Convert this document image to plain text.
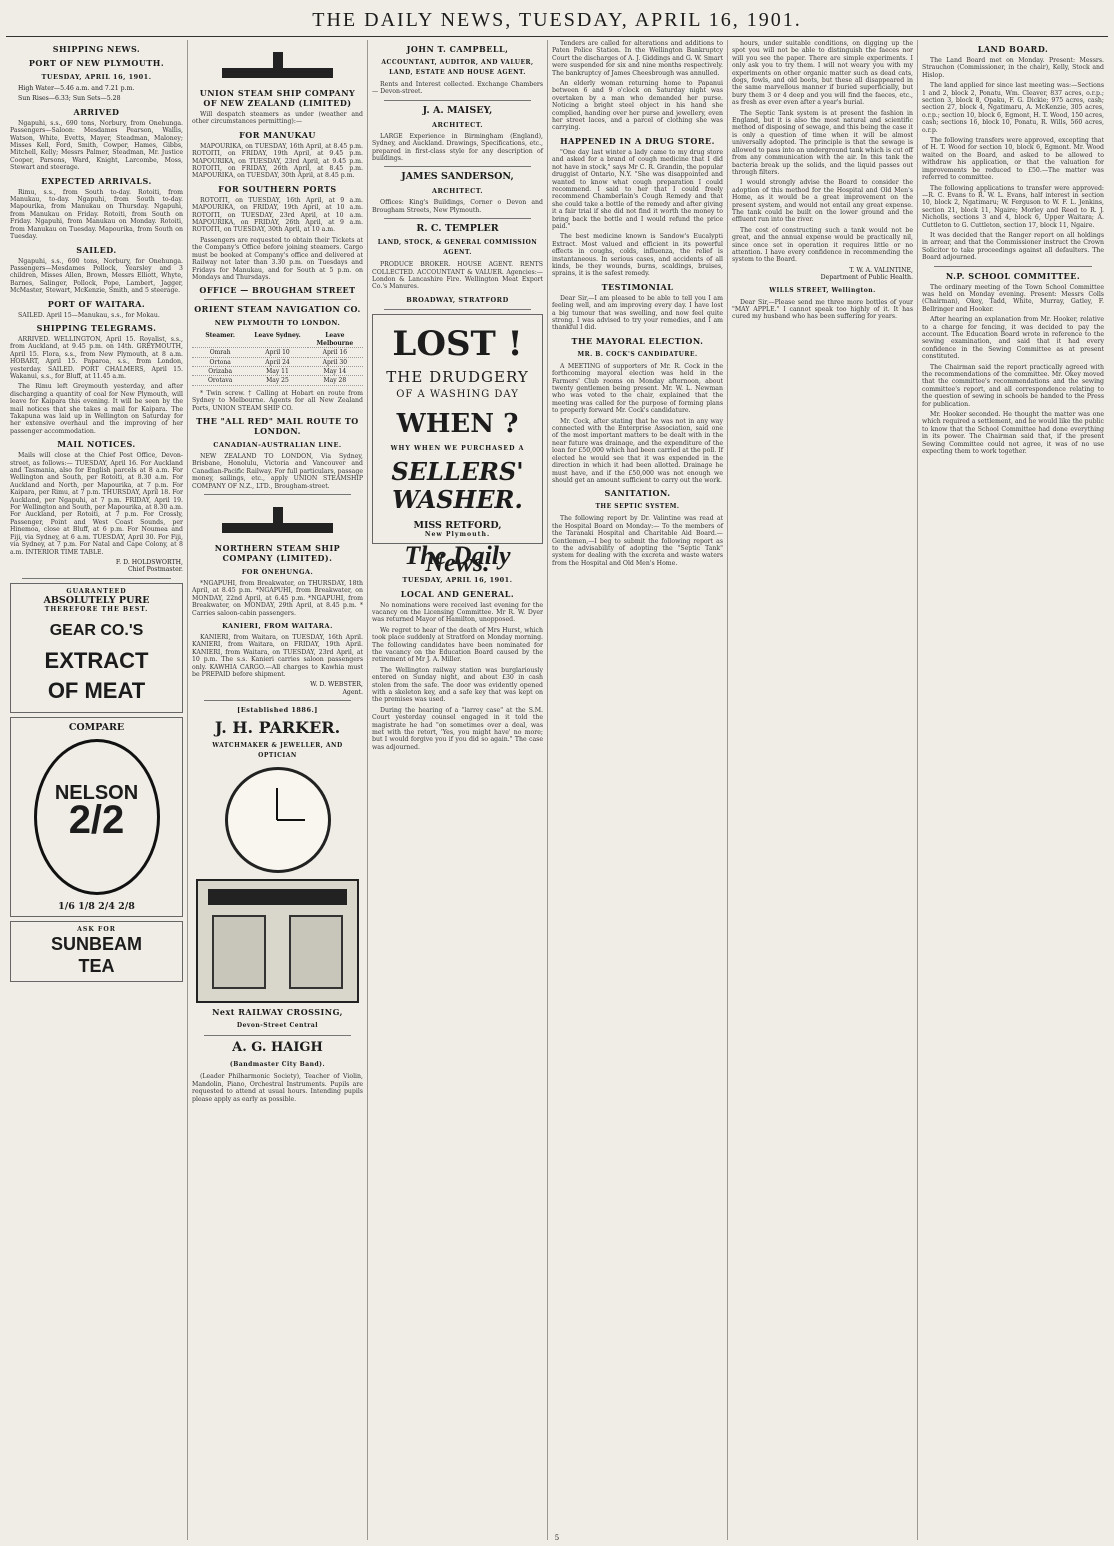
THE DAILY NEWS, TUESDAY, APRIL 16, 1901.
SHIPPING NEWS.
PORT OF NEW PLYMOUTH.
TUESDAY, APRIL 16, 1901.

High Water—5.46 a.m. and 7.21 p.m.

Sun Rises—6.33; Sun Sets—5.28

ARRIVED

Ngapuhi, s.s., 690 tons, Norbury, from Onehunga. Passengers—Saloon: Mesdames Pearson, Wallis, Watson, White, Evetts, Mayer, Steadman, Maloney; Misses Kell, Ford, Smith, Cowper, Hames, Gibbs, Mitchell, Kelly; Messrs Palmer, Steadman, Mr. Justice Cooper, Parsons, Ward, Knight, Larcombe, Moss, Stewart and steerage.

EXPECTED ARRIVALS.

Rimu, s.s., from South to-day. Rotoiti, from Manukau, to-day. Ngapuhi, from South to-day. Mapourika, from Manukau on Thursday. Ngapuhi, from Manukau on Friday. Rotoiti, from South on Friday. Ngapuhi, from Manukau on Monday. Rotoiti, from Manukau on Tuesday. Mapourika, from South on Tuesday.

SAILED.

Ngapuhi, s.s., 690 tons, Norbury, for Onehunga. Passengers—Mesdames Pollock, Yearsley and 3 children, Misses Allen, Brown, Messrs Elliott, Whyte, Barnes, Salinger, Pollock, Pope, Lambert, Jagger, McMaster, Stewart, McKenzie, Smith, and 5 steerage.

PORT OF WAITARA.

SAILED. April 15—Manukau, s.s., for Mokau.

SHIPPING TELEGRAMS.

ARRIVED. WELLINGTON, April 15. Royalist, s.s., from Auckland, at 9.45 p.m. on 14th. GREYMOUTH, April 15. Flora, s.s., from New Plymouth, at 8 a.m. HOBART, April 15. Paparoa, s.s., from London, yesterday. SAILED. PORT CHALMERS, April 15. Wakanui, s.s., for Bluff, at 11.45 a.m.

The Rimu left Greymouth yesterday, and after discharging a quantity of coal for New Plymouth, will leave for Kaipara this evening. It will be seen by the mail notices that she takes a mail for Kaipara. The Takapuna was laid up in Wellington on Saturday for her extensive overhaul and the improving of her passenger accommodation.

MAIL NOTICES.

Mails will close at the Chief Post Office, Devon-street, as follows:— TUESDAY, April 16. For Auckland and Tasmania, also for English parcels at 8 a.m. For Wellington and South, per Rotoiti, at 8.30 a.m. For Auckland and North, per Mapourika, at 7 p.m. For Kaipara, per Rimu, at 7 p.m. THURSDAY, April 18. For Auckland, per Ngapuhi, at 7 p.m. FRIDAY, April 19. For Wellington and South, per Mapourika, at 8.30 a.m. For Auckland, per Rotoiti, at 7 p.m. For Crossly, Passenger, Point and West Coast Sounds, per Hinemoa, close at Bluff, at 6 p.m. For Noumea and Fiji, via Sydney, at 6 a.m. TUESDAY, April 30. For Fiji, via Sydney, at 7 p.m. For Natal and Cape Colony, at 8 a.m. INTERIOR TIME TABLE.

F. D. HOLDSWORTH,
Chief Postmaster.
GUARANTEED
ABSOLUTELY PURE
THEREFORE THE BEST.
GEAR CO.'S
EXTRACT
OF MEAT
COMPARE
NELSON
2/2
1/6 1/8 2/4 2/8
ASK FOR
SUNBEAM
TEA
UNION STEAM SHIP COMPANY OF NEW ZEALAND (LIMITED)

Will despatch steamers as under (weather and other circumstances permitting):—

FOR MANUKAU

MAPOURIKA, on TUESDAY, 16th April, at 8.45 p.m. ROTOITI, on FRIDAY, 19th April, at 9.45 p.m. MAPOURIKA, on TUESDAY, 23rd April, at 9.45 p.m. ROTOITI, on FRIDAY, 26th April, at 8.45 p.m. MAPOURIKA, on TUESDAY, 30th April, at 8.45 p.m.

FOR SOUTHERN PORTS

ROTOITI, on TUESDAY, 16th April, at 9 a.m. MAPOURIKA, on FRIDAY, 19th April, at 10 a.m. ROTOITI, on TUESDAY, 23rd April, at 10 a.m. MAPOURIKA, on FRIDAY, 26th April, at 9 a.m. ROTOITI, on TUESDAY, 30th April, at 10 a.m.

Passengers are requested to obtain their Tickets at the Company's Office before joining steamers. Cargo must be booked at Company's office and delivered at Railway not later than 3.30 p.m. on Tuesdays and Fridays for Manukau, and for South at 5 p.m. on Mondays and Thursdays.

OFFICE — BROUGHAM STREET
ORIENT STEAM NAVIGATION CO.
NEW PLYMOUTH TO LONDON.
Steamer.	Leave Sydney.	Leave Melbourne
Omrah	April 10	April 16
Ortona	April 24	April 30
Orizaba	May 11	May 14
Orotava	May 25	May 28

* Twin screw. † Calling at Hobart en route from Sydney to Melbourne. Agents for all New Zealand Ports, UNION STEAM SHIP CO.

THE "ALL RED" MAIL ROUTE TO LONDON.
CANADIAN-AUSTRALIAN LINE.

NEW ZEALAND TO LONDON, Via Sydney, Brisbane, Honolulu, Victoria and Vancouver and Canadian-Pacific Railway. For full particulars, passage money, sailings, etc., apply UNION STEAMSHIP COMPANY OF N.Z., LTD., Brougham-street.

NORTHERN STEAM SHIP COMPANY (LIMITED).
FOR ONEHUNGA.

*NGAPUHI, from Breakwater, on THURSDAY, 18th April, at 8.45 p.m. *NGAPUHI, from Breakwater, on MONDAY, 22nd April, at 6.45 p.m. *NGAPUHI, from Breakwater, on MONDAY, 29th April, at 8.45 p.m. * Carries saloon-cabin passengers.

KANIERI, FROM WAITARA.

KANIERI, from Waitara, on TUESDAY, 16th April. KANIERI, from Waitara, on FRIDAY, 19th April. KANIERI, from Waitara, on TUESDAY, 23rd April, at 10 p.m. The s.s. Kanieri carries saloon passengers only. KAWHIA CARGO.—All charges to Kawhia must be PREPAID before shipment.

W. D. WEBSTER,
Agent.
[Established 1886.]
J. H. PARKER.
WATCHMAKER & JEWELLER, AND OPTICIAN
Next RAILWAY CROSSING,
Devon-Street Central
A. G. HAIGH
(Bandmaster City Band).

(Leader Philharmonic Society), Teacher of Violin, Mandolin, Piano, Orchestral Instruments. Pupils are requested to attend at usual hours. Intending pupils please apply as early as possible.

JOHN T. CAMPBELL,
ACCOUNTANT, AUDITOR, AND VALUER, LAND, ESTATE AND HOUSE AGENT.

Rents and Interest collected. Exchange Chambers — Devon-street.

J. A. MAISEY,
ARCHITECT.

LARGE Experience in Birmingham (England), Sydney, and Auckland. Drawings, Specifications, etc., prepared in first-class style for any description of buildings.

JAMES SANDERSON,
ARCHITECT.

Offices: King's Buildings, Corner o Devon and Brougham Streets, New Plymouth.

R. C. TEMPLER
LAND, STOCK, & GENERAL COMMISSION AGENT.

PRODUCE BROKER. HOUSE AGENT. RENTS COLLECTED. ACCOUNTANT & VALUER. Agencies:— London & Lancashire Fire. Wellington Meat Export Co.'s Manures.

BROADWAY, STRATFORD
LOST !
THE DRUDGERY
OF A WASHING DAY
WHEN ?
WHY WHEN WE PURCHASED A
SELLERS' WASHER.
MISS RETFORD,
New Plymouth.
The Daily News.
TUESDAY, APRIL 16, 1901.
LOCAL AND GENERAL.

No nominations were received last evening for the vacancy on the Licensing Committee. Mr R. W. Dyer was returned Mayor of Hamilton, unopposed.

We regret to hear of the death of Mrs Hurst, which took place suddenly at Stratford on Monday morning. The following candidates have been nominated for the vacancy on the Education Board caused by the retirement of Mr J. A. Miller.

The Wellington railway station was burglariously entered on Sunday night, and about £30 in cash stolen from the safe. The door was evidently opened with a skeleton key, and a safe key that was kept on the premises was used.

During the hearing of a "larrey case" at the S.M. Court yesterday counsel engaged in it told the magistrate he had "on sometimes over a deal, was met with the retort, 'Yes, you might have' no more; but I would forgive you if you did so again." The case was adjourned.

Tenders are called for alterations and additions to Paten Police Station. In the Wellington Bankruptcy Court the discharges of A. J. Giddings and G. W. Smart were suspended for six and nine months respectively. The bankruptcy of James Cheesbrough was annulled.

An elderly woman returning home to Papanui between 6 and 9 o'clock on Saturday night was overtaken by a man who demanded her purse. Noticing a bright steel object in his hand she complied, handing over her purse and jewellery, even her street laces, and a parcel of clothing she was carrying.

HAPPENED IN A DRUG STORE.

"One day last winter a lady came to my drug store and asked for a brand of cough medicine that I did not have in stock," says Mr C. R. Grandin, the popular druggist of Ontario, N.Y. "She was disappointed and wanted to know what cough preparation I could recommend. I said to her that I could freely recommend Chamberlain's Cough Remedy and that she could take a bottle of the remedy and after giving it a fair trial if she did not find it worth the money to bring back the bottle and I would refund the price paid."

The best medicine known is Sandow's Eucalypti Extract. Most valued and efficient in its powerful effects in coughs, colds, influenza, the relief is instantaneous. In serious cases, and accidents of all kinds, be they wounds, burns, scaldings, bruises, sprains, it is the safest remedy.

TESTIMONIAL

Dear Sir,—I am pleased to be able to tell you I am feeling well, and am improving every day. I have lost a big tumour that was swelling, and now feel quite strong. I was advised to try your remedies, and I am thankful I did.

THE MAYORAL ELECTION.
MR. B. COCK'S CANDIDATURE.

A MEETING of supporters of Mr. R. Cock in the forthcoming mayoral election was held in the Farmers' Club rooms on Monday afternoon, about twenty gentlemen being present. Mr. W. L. Newman who was voted to the chair, explained that the meeting was called for the purpose of forming plans to properly forward Mr. Cock's candidature.

Mr. Cock, after stating that he was not in any way connected with the Enterprise Association, said one of the most important matters to be dealt with in the near future was drainage, and the expenditure of the loan for £50,000 which had been carried at the poll. If elected he would see that it was expended in the direction in which it had been allotted. Drainage he must have, and if the £50,000 was not enough we should get an amount sufficient to carry out the work.

SANITATION.
THE SEPTIC SYSTEM.

The following report by Dr. Valintine was read at the Hospital Board on Monday:— To the members of the Taranaki Hospital and Charitable Aid Board.— Gentlemen,—I beg to submit the following report as to the advisability of adopting the "Septic Tank" system for dealing with the excreta and waste waters from the Hospital and Old Men's Home.

hours, under suitable conditions, on digging up the spot you will not be able to distinguish the faeces nor will you see the paper. There are simple experiments. I only ask you to try them. I will not weary you with my experiments on other organic matter such as dead cats, dogs, fowls, and old boots, but these all disappeared in the same marvellous manner if buried superficially, but bury them 3 or 4 deep and you will find the faeces, etc., as fresh as ever even after a year's burial.

The Septic Tank system is at present the fashion in England, but it is also the most natural and scientific method of disposing of sewage, and this being the case it is only a question of time when it will be almost universally adopted. The principle is that the sewage is allowed to pass into an underground tank which is cut off from any communication with the air. In this tank the bacteria break up the solids, and the liquid passes out through filters.

I would strongly advise the Board to consider the adoption of this method for the Hospital and Old Men's Home, as it would be a great improvement on the present system, and would not entail any great expense. The tank could be built on the lower ground and the effluent run into the river.

The cost of constructing such a tank would not be great, and the annual expense would be practically nil, since once set in operation it requires little or no attention. I have every confidence in recommending the system to the Board.

T. W. A. VALINTINE,
Department of Public Health.
WILLS STREET, Wellington.

Dear Sir,—Please send me three more bottles of your "MAY APPLE." I cannot speak too highly of it. It has cured my husband who has been suffering for years.

LAND BOARD.

The Land Board met on Monday. Present: Messrs. Strauchon (Commissioner, in the chair), Kelly, Stock and Hislop.

The land applied for since last meeting was:—Sections 1 and 2, block 2, Ponatu, Wm. Cleaver, 837 acres, o.r.p.; section 3, block 8, Opaku, F. G. Dickie; 975 acres, cash; section 27, block 4, Ngatimaru, A. McKenzie, 305 acres, o.r.p.; section 10, block 6, Egmont, H. T. Wood, 150 acres, cash; sections 16, block 10, Ponatu, R. Wills, 560 acres, o.r.p.

The following transfers were approved, excepting that of H. T. Wood for section 10, block 6, Egmont. Mr. Wood waited on the Board, and asked to be allowed to withdraw his application, or that the valuation for improvements be reduced to £50.—The matter was referred to committee.

The following applications to transfer were approved:—R. C. Evans to R. W. L. Evans, half interest in section 10, block 2, Ngatimaru; W. Ferguson to W. F. L. Jenkins, section 21, block 11, Ngaire; Morley and Reed to R. J. Nicholls, sections 3 and 4, block 6, Upper Waitara; A. Cuttleton to G. Cuttleton, section 17, block 11, Ngaire.

It was decided that the Ranger report on all holdings in arrear, and that the Commissioner instruct the Crown Solicitor to take proceedings against all defaulters. The Board adjourned.

N.P. SCHOOL COMMITTEE.

The ordinary meeting of the Town School Committee was held on Monday evening. Present: Messrs Colls (Chairman), Okey, Tadd, White, Murray, Gatley, F. Bellringer and Hooker.

After hearing an explanation from Mr. Hooker, relative to a charge for fencing, it was decided to pay the account. The Education Board wrote in reference to the sewing examination, and said that it had every confidence in the Sewing Committee as at present constituted.

The Chairman said the report practically agreed with the recommendations of the committee. Mr. Okey moved that the committee's recommendations and the sewing committee's report, and all correspondence relating to the question of sewing in schools be handed to the Press for publication.

Mr. Hooker seconded. He thought the matter was one which required a settlement, and he would like the public to know that the School Committee had done everything in its power. The Chairman said that, if the present Sewing Committee could not agree, it was of no use expecting them to work together.

5
